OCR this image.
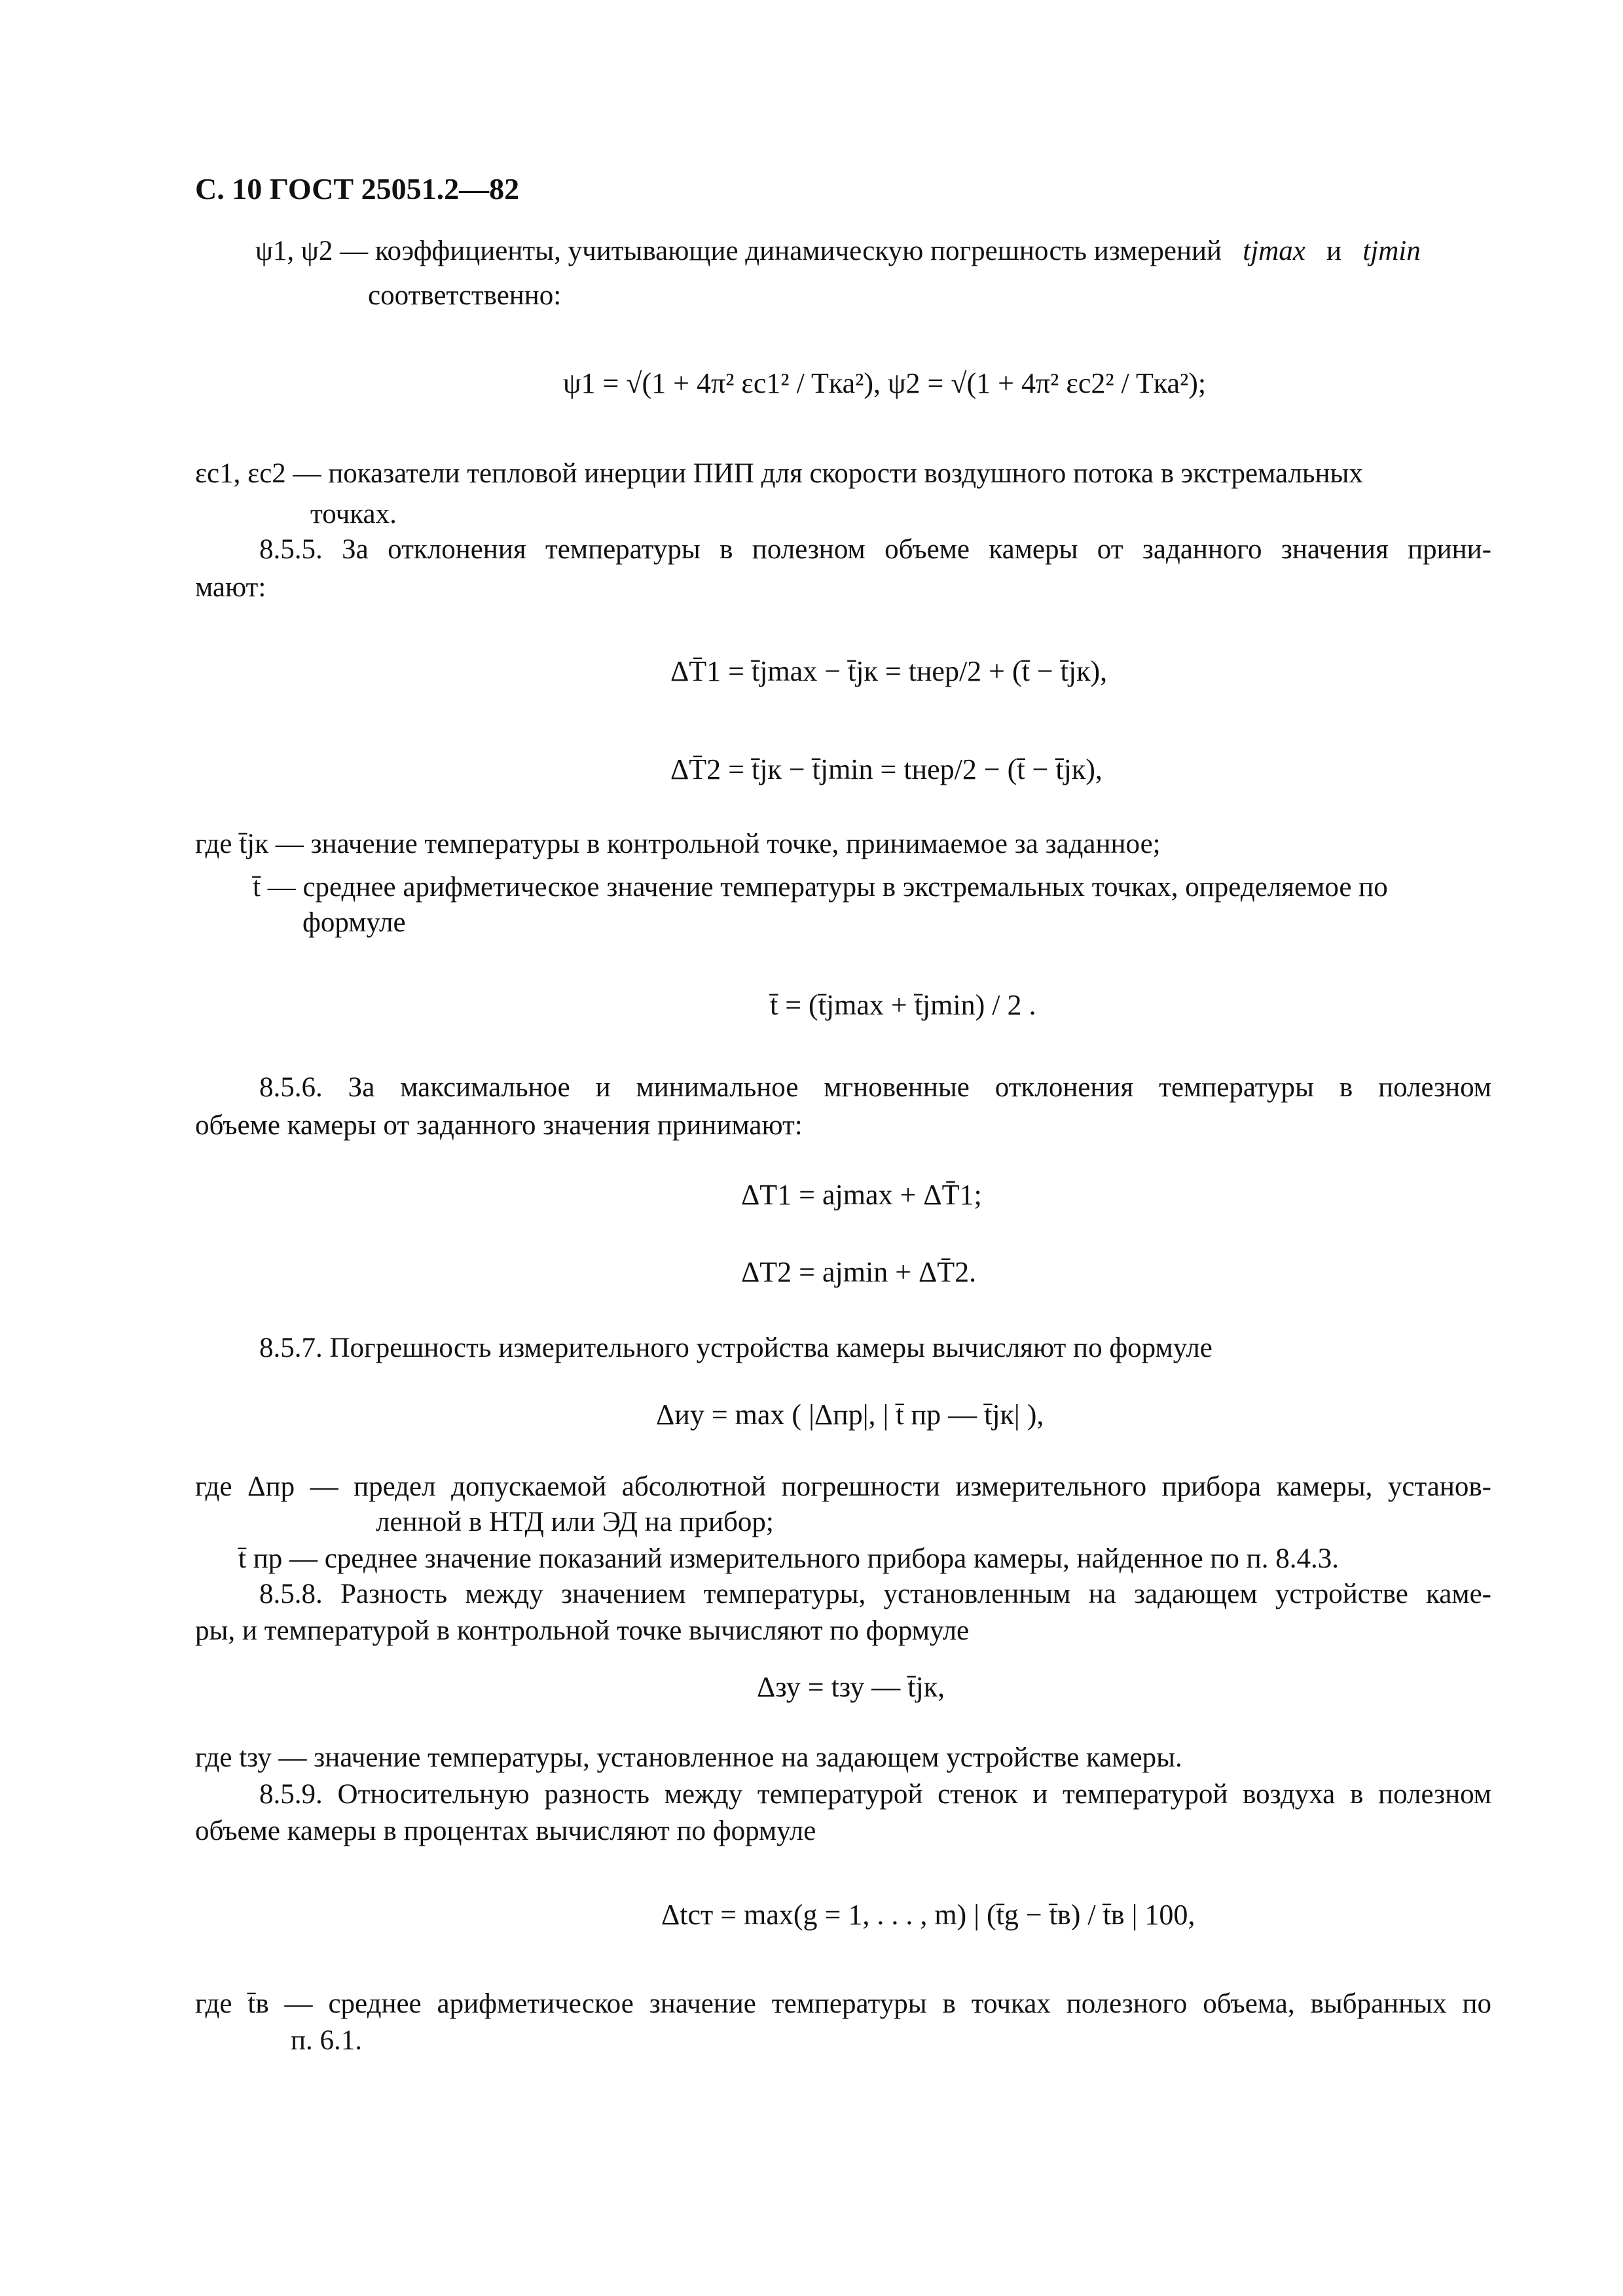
С. 10 ГОСТ 25051.2—82
ψ1, ψ2 — коэффициенты, учитывающие динамическую погрешность измерений tjmax и tjmin
соответственно:
ψ1 = √(1 + 4π² εc1² / Tка²), ψ2 = √(1 + 4π² εc2² / Tка²);
εc1, εc2 — показатели тепловой инерции ПИП для скорости воздушного потока в экстремальных
точках.
8.5.5. За отклонения температуры в полезном объеме камеры от заданного значения прини-
мают:
ΔT̄1 = t̄jmax − t̄jк = tнер/2 + (t̄ − t̄jк),
ΔT̄2 = t̄jк − t̄jmin = tнер/2 − (t̄ − t̄jк),
где t̄jк — значение температуры в контрольной точке, принимаемое за заданное;
t̄ — среднее арифметическое значение температуры в экстремальных точках, определяемое по
формуле
t̄ = (t̄jmax + t̄jmin) / 2 .
8.5.6. За максимальное и минимальное мгновенные отклонения температуры в полезном
объеме камеры от заданного значения принимают:
ΔT1 = ajmax + ΔT̄1;
ΔT2 = ajmin + ΔT̄2.
8.5.7. Погрешность измерительного устройства камеры вычисляют по формуле
Δиу = max ( |Δпр|, | t̄ пр — t̄jк| ),
где Δпр — предел допускаемой абсолютной погрешности измерительного прибора камеры, установ-
ленной в НТД или ЭД на прибор;
t̄ пр — среднее значение показаний измерительного прибора камеры, найденное по п. 8.4.3.
8.5.8. Разность между значением температуры, установленным на задающем устройстве каме-
ры, и температурой в контрольной точке вычисляют по формуле
Δзу = tзу — t̄jк,
где tзу — значение температуры, установленное на задающем устройстве камеры.
8.5.9. Относительную разность между температурой стенок и температурой воздуха в полезном
объеме камеры в процентах вычисляют по формуле
Δtст = max(g = 1, . . . , m) | (t̄g − t̄в) / t̄в | 100,
где t̄в — среднее арифметическое значение температуры в точках полезного объема, выбранных по
п. 6.1.
